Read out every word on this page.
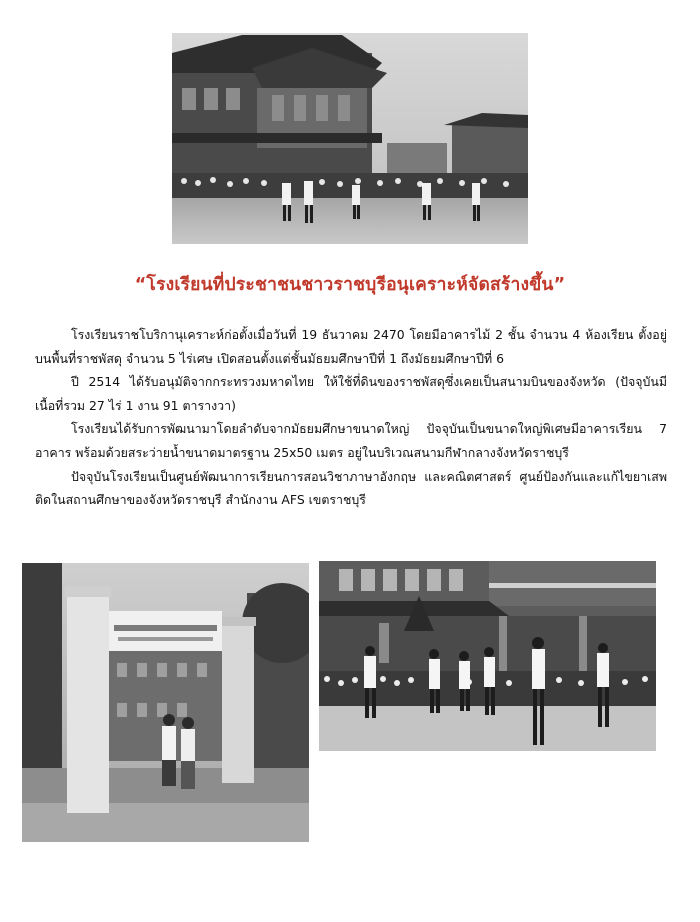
“โรงเรียนที่ประชาชนชาวราชบุรีอนุเคราะห์จัดสร้างขึ้น”

โรงเรียนราชโบริกานุเคราะห์ก่อตั้งเมื่อวันที่ 19 ธันวาคม 2470 โดยมีอาคารไม้ 2 ชั้น จำนวน 4 ห้องเรียน ตั้งอยู่บนพื้นที่ราชพัสดุ จำนวน 5 ไร่เศษ เปิดสอนตั้งแต่ชั้นมัธยมศึกษาปีที่ 1 ถึงมัธยมศึกษาปีที่ 6

ปี 2514 ได้รับอนุมัติจากกระทรวงมหาดไทย ให้ใช้ที่ดินของราชพัสดุซึ่งเคยเป็นสนามบินของจังหวัด (ปัจจุบันมีเนื้อที่รวม 27 ไร่ 1 งาน 91 ตารางวา)

โรงเรียนได้รับการพัฒนามาโดยลำดับจากมัธยมศึกษาขนาดใหญ่ ปัจจุบันเป็นขนาดใหญ่พิเศษมีอาคารเรียน 7 อาคาร พร้อมด้วยสระว่ายน้ำขนาดมาตรฐาน 25x50 เมตร อยู่ในบริเวณสนามกีฬากลางจังหวัดราชบุรี

ปัจจุบันโรงเรียนเป็นศูนย์พัฒนาการเรียนการสอนวิชาภาษาอังกฤษ และคณิตศาสตร์ ศูนย์ป้องกันและแก้ไขยาเสพติดในสถานศึกษาของจังหวัดราชบุรี สำนักงาน AFS เขตราชบุรี
